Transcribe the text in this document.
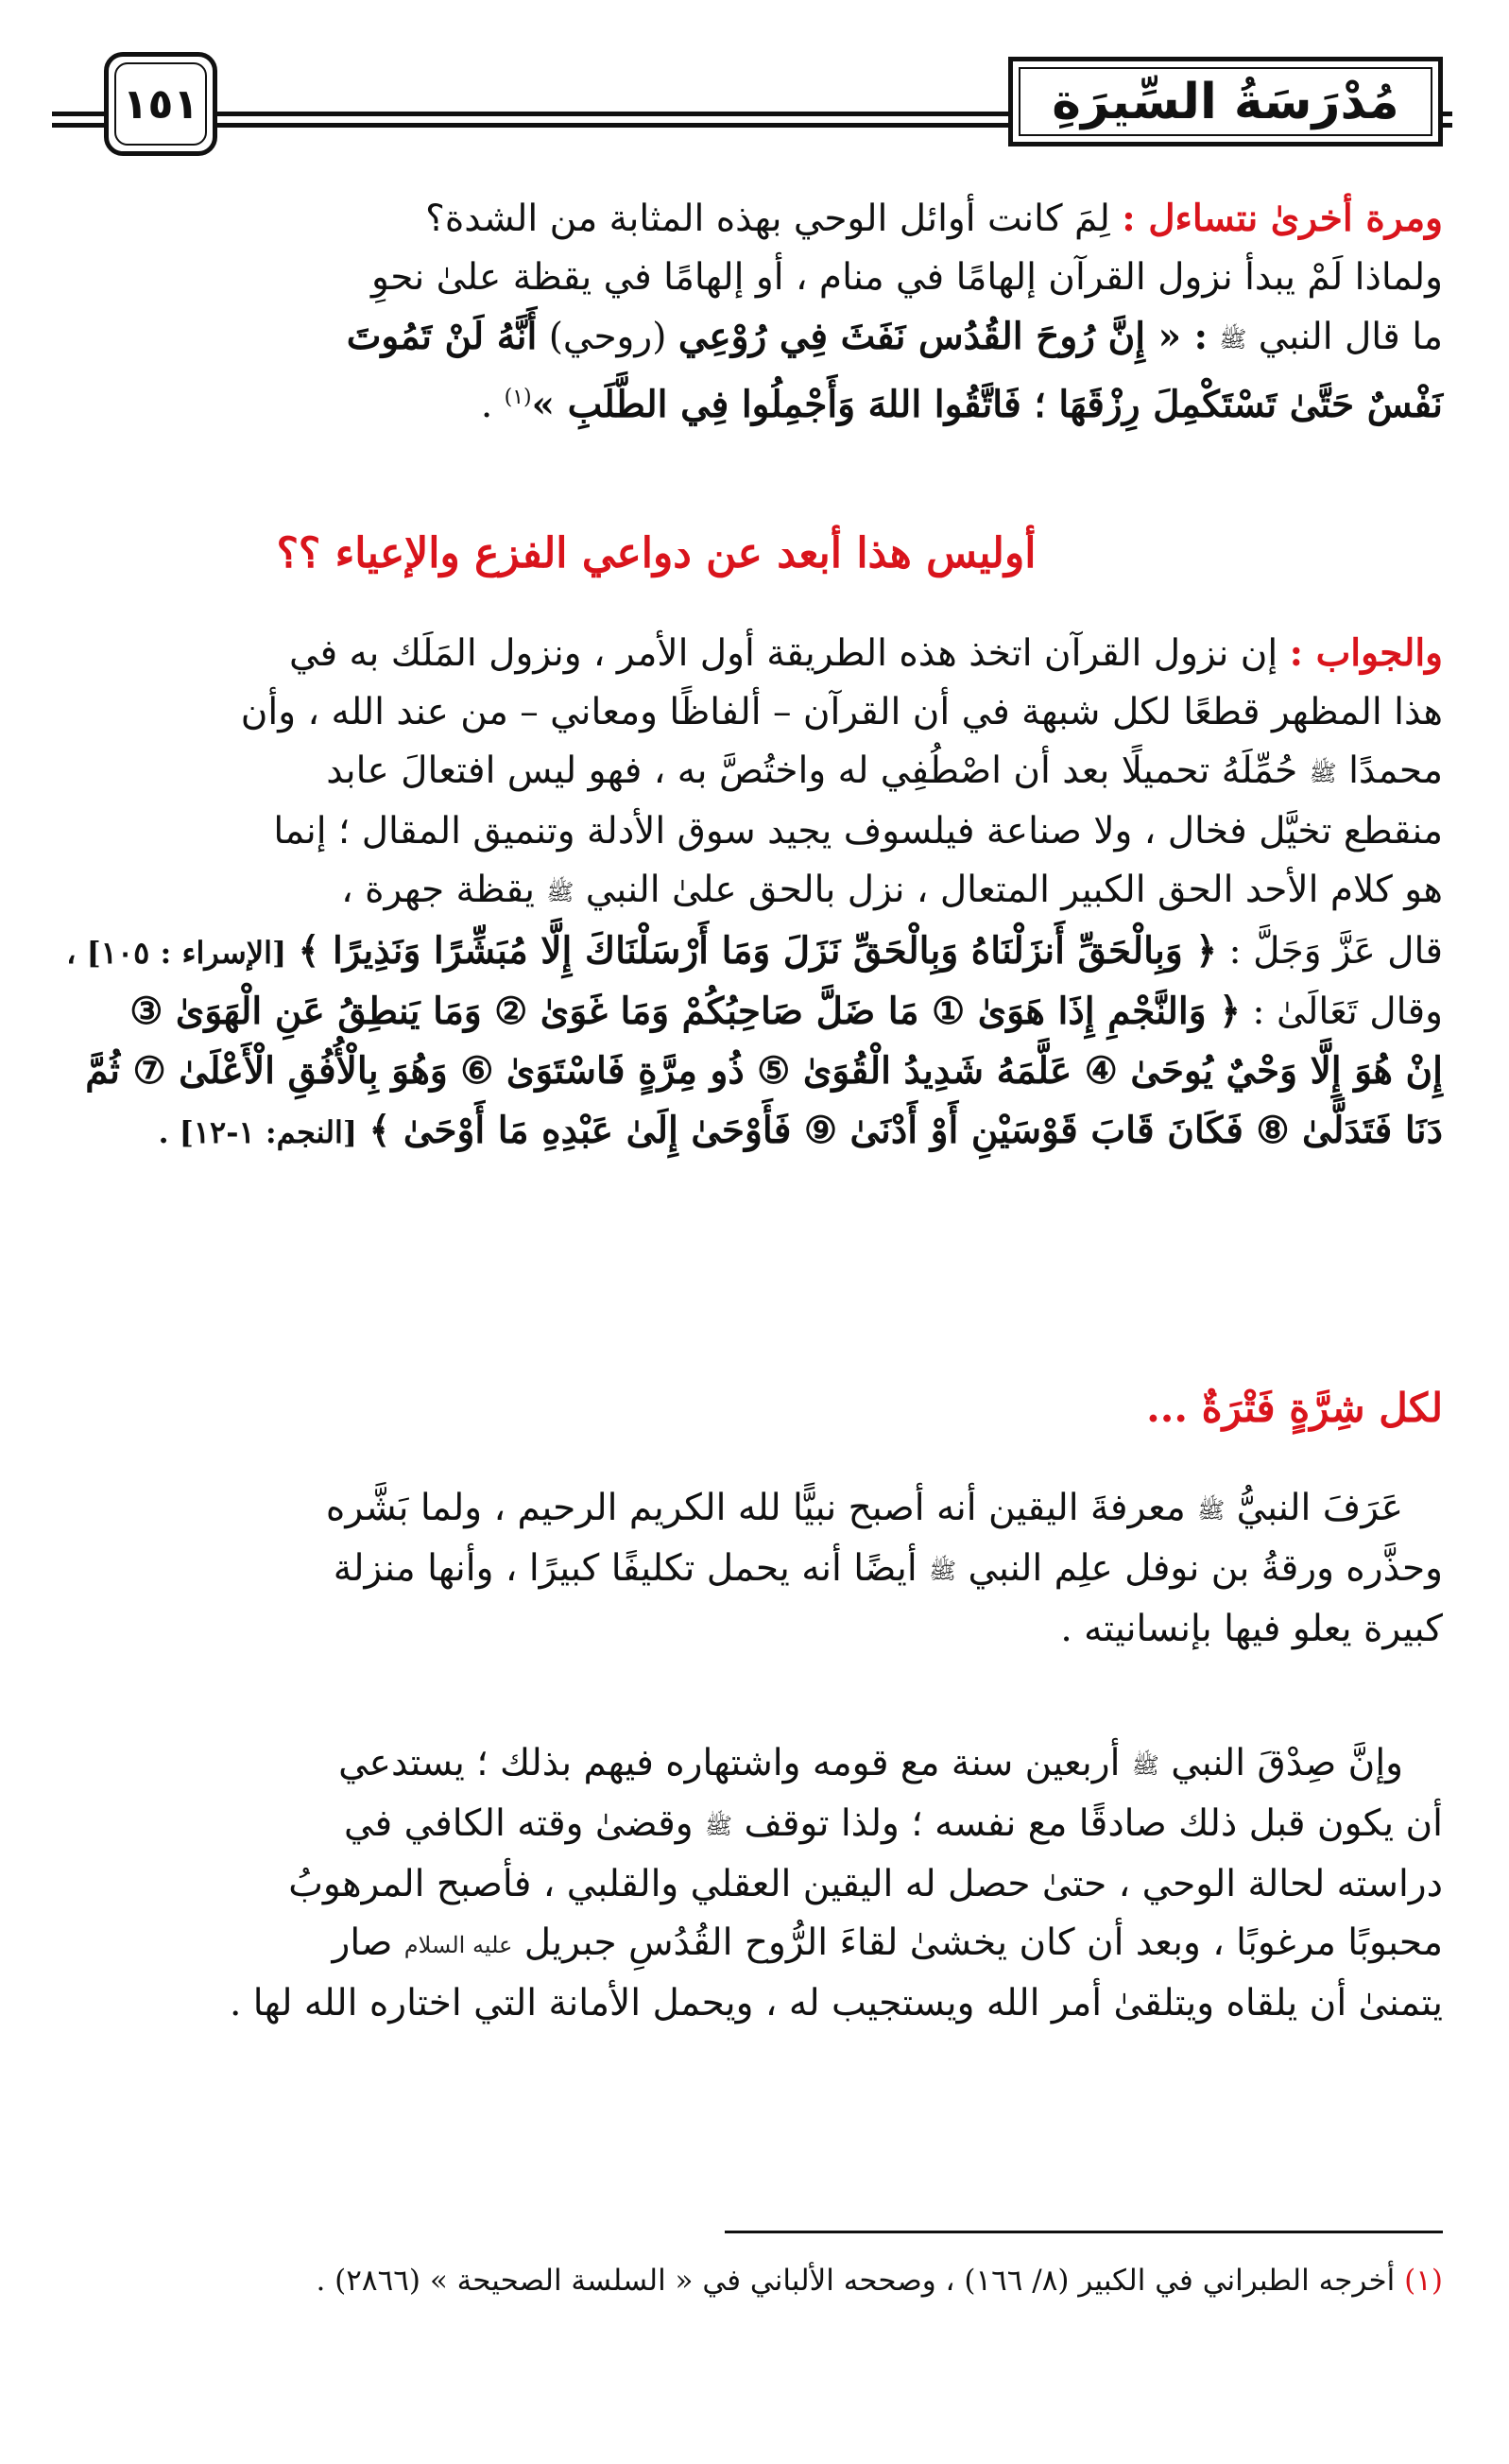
١٥١	مُدْرَسَةُ السِّيرَةِ

ومرة أخرىٰ نتساءل : لِمَ كانت أوائل الوحي بهذه المثابة من الشدة؟

ولماذا لَمْ يبدأ نزول القرآن إلهامًا في منام ، أو إلهامًا في يقظة علىٰ نحوِ

ما قال النبي ﷺ : « إِنَّ رُوحَ القُدُس نَفَثَ فِي رُوْعِي (روحي) أَنَّهُ لَنْ تَمُوتَ

نَفْسٌ حَتَّىٰ تَسْتَكْمِلَ رِزْقَهَا ؛ فَاتَّقُوا اللهَ وَأَجْمِلُوا فِي الطَّلَبِ »$^{(١)}$ .

أوليس هذا أبعد عن دواعي الفزع والإعياء ؟؟

والجواب : إن نزول القرآن اتخذ هذه الطريقة أول الأمر ، ونزول المَلَك به في

هذا المظهر قطعًا لكل شبهة في أن القرآن – ألفاظًا ومعاني – من عند الله ، وأن

محمدًا ﷺ حُمِّلَهُ تحميلًا بعد أن اصْطُفِي له واختُصَّ به ، فهو ليس افتعالَ عابد

منقطع تخيَّل فخال ، ولا صناعة فيلسوف يجيد سوق الأدلة وتنميق المقال ؛ إنما

هو كلام الأحد الحق الكبير المتعال ، نزل بالحق علىٰ النبي ﷺ يقظة جهرة ،

قال عَزَّ وَجَلَّ : ﴿ وَبِالْحَقِّ أَنزَلْنَاهُ وَبِالْحَقِّ نَزَلَ وَمَا أَرْسَلْنَاكَ إِلَّا مُبَشِّرًا وَنَذِيرًا ﴾ [الإسراء : ١٠٥] ،

وقال تَعَالَىٰ : ﴿ وَالنَّجْمِ إِذَا هَوَىٰ ① مَا ضَلَّ صَاحِبُكُمْ وَمَا غَوَىٰ ② وَمَا يَنطِقُ عَنِ الْهَوَىٰ ③

إِنْ هُوَ إِلَّا وَحْيٌ يُوحَىٰ ④ عَلَّمَهُ شَدِيدُ الْقُوَىٰ ⑤ ذُو مِرَّةٍ فَاسْتَوَىٰ ⑥ وَهُوَ بِالْأُفُقِ الْأَعْلَىٰ ⑦ ثُمَّ

دَنَا فَتَدَلَّىٰ ⑧ فَكَانَ قَابَ قَوْسَيْنِ أَوْ أَدْنَىٰ ⑨ فَأَوْحَىٰ إِلَىٰ عَبْدِهِ مَا أَوْحَىٰ ﴾ [النجم: ١-١٢] .

لكل شِرَّةٍ فَتْرَةٌ ...

عَرَفَ النبيُّ ﷺ معرفةَ اليقين أنه أصبح نبيًّا لله الكريم الرحيم ، ولما بَشَّره

وحذَّره ورقةُ بن نوفل علِم النبي ﷺ أيضًا أنه يحمل تكليفًا كبيرًا ، وأنها منزلة

كبيرة يعلو فيها بإنسانيته .

وإنَّ صِدْقَ النبي ﷺ أربعين سنة مع قومه واشتهاره فيهم بذلك ؛ يستدعي

أن يكون قبل ذلك صادقًا مع نفسه ؛ ولذا توقف ﷺ وقضىٰ وقته الكافي في

دراسته لحالة الوحي ، حتىٰ حصل له اليقين العقلي والقلبي ، فأصبح المرهوبُ

محبوبًا مرغوبًا ، وبعد أن كان يخشىٰ لقاءَ الرُّوح القُدُسِ جبريل عليه السلام صار

يتمنىٰ أن يلقاه ويتلقىٰ أمر الله ويستجيب له ، ويحمل الأمانة التي اختاره الله لها .

(١) أخرجه الطبراني في الكبير (٨/ ١٦٦) ، وصححه الألباني في « السلسة الصحيحة » (٢٨٦٦) .
